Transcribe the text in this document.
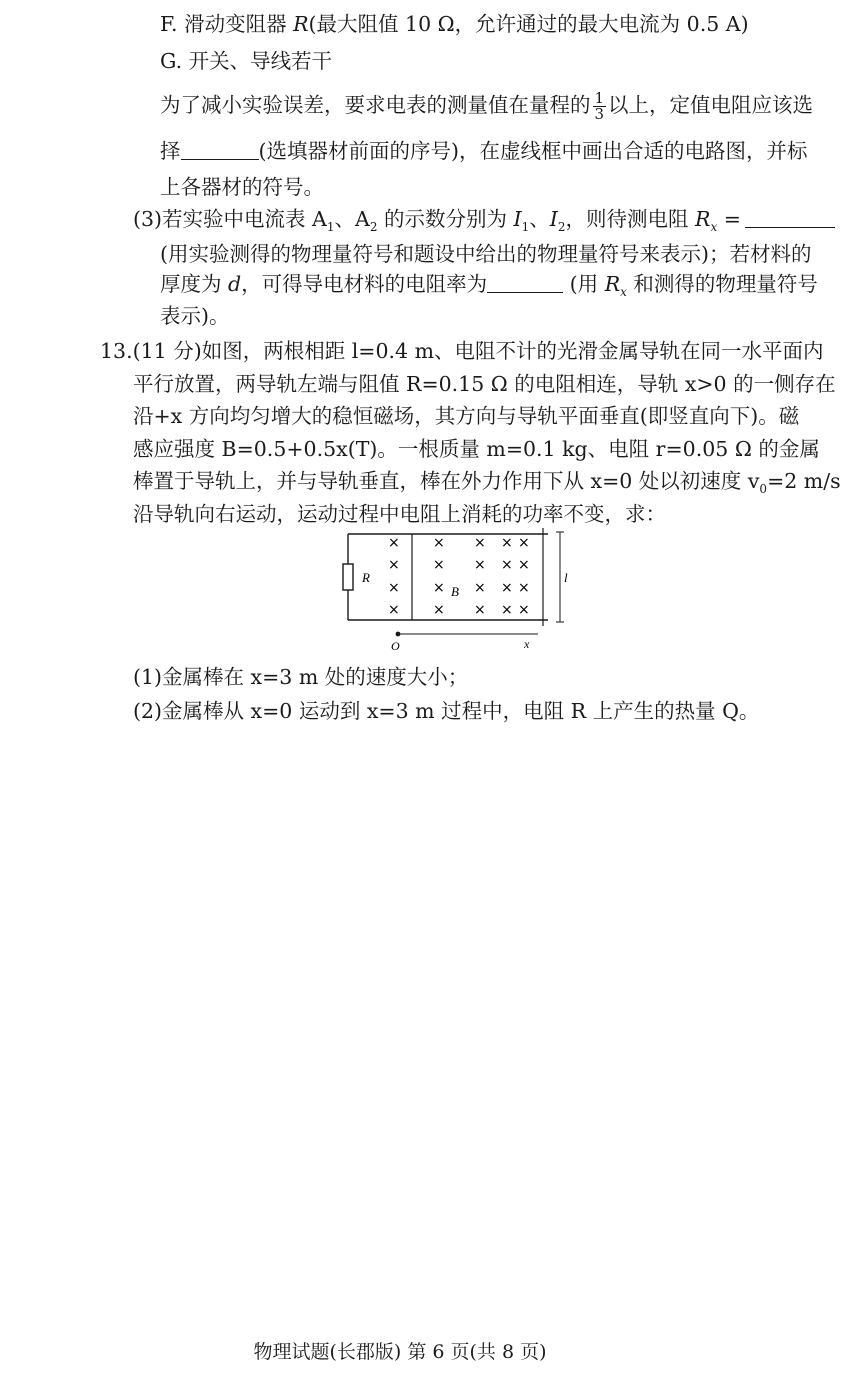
F. 滑动变阻器 R(最大阻值 10 Ω，允许通过的最大电流为 0.5 A)
G. 开关、导线若干
为了减小实验误差，要求电表的测量值在量程的 $\frac{1}{3}$ 以上，定值电阻应该选
择	(选填器材前面的序号)，在虚线框中画出合适的电路图，并标
上各器材的符号。
(3)若实验中电流表 $A_1$、$A_2$ 的示数分别为 $I_1$、$I_2$，则待测电阻 $R_x$ =
(用实验测得的物理量符号和题设中给出的物理量符号来表示)；若材料的
厚度为 d，可得导电材料的电阻率为	(用 $R_x$ 和测得的物理量符号
表示)。
13.(11 分)如图，两根相距 l=0.4 m、电阻不计的光滑金属导轨在同一水平面内
平行放置，两导轨左端与阻值 R=0.15 Ω 的电阻相连，导轨 x>0 的一侧存在
沿+x 方向均匀增大的稳恒磁场，其方向与导轨平面垂直(即竖直向下)。磁
感应强度 B=0.5+0.5x(T)。一根质量 m=0.1 kg、电阻 r=0.05 Ω 的金属
棒置于导轨上，并与导轨垂直，棒在外力作用下从 x=0 处以初速度 $v_0=2$ m/s
沿导轨向右运动，运动过程中电阻上消耗的功率不变，求：
R	l
×
×
×
×
×
×
×
×
×
×
×
×
×
×
×
×
×
×
×
× B
O	x
(1)金属棒在 x=3 m 处的速度大小；
(2)金属棒从 x=0 运动到 x=3 m 过程中，电阻 R 上产生的热量 Q。
物理试题(长郡版) 第 6 页(共 8 页)
